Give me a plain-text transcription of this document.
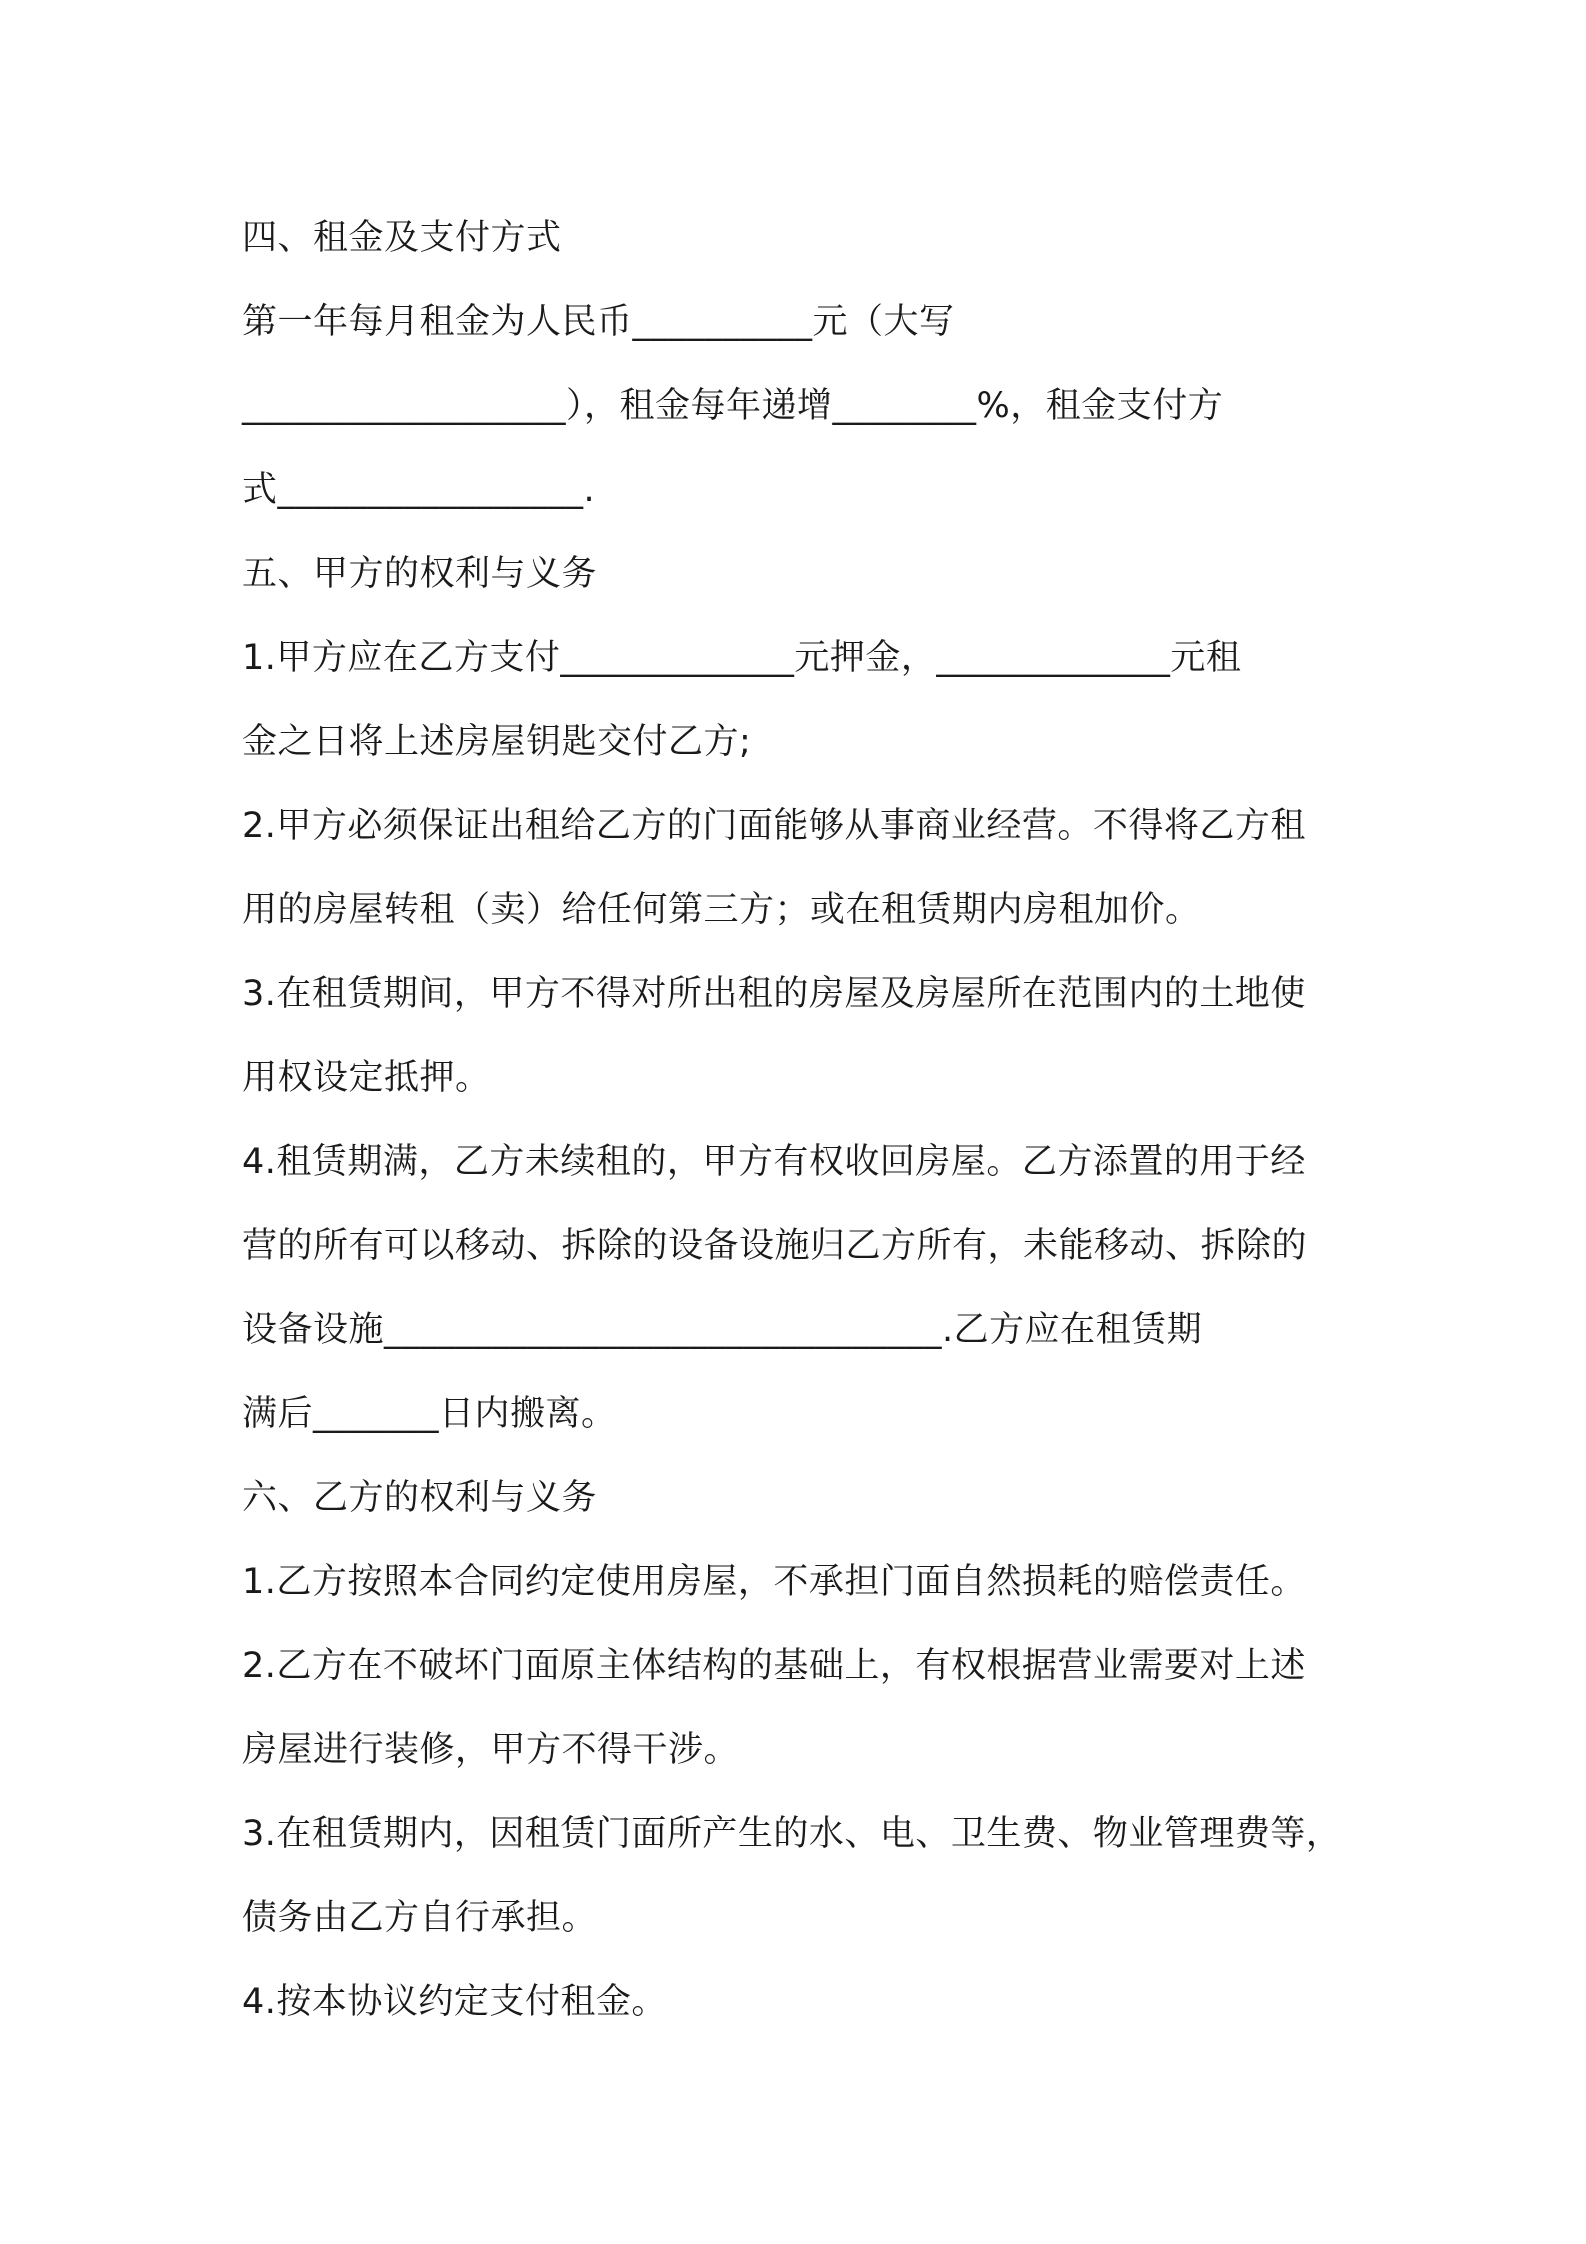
四、租金及支付方式
第一年每月租金为人民币__________元（大写
__________________），租金每年递增________%，租金支付方
式_________________.
五、甲方的权利与义务
1.甲方应在乙方支付_____________元押金，_____________元租
金之日将上述房屋钥匙交付乙方;
2.甲方必须保证出租给乙方的门面能够从事商业经营。不得将乙方租
用的房屋转租（卖）给任何第三方；或在租赁期内房租加价。
3.在租赁期间，甲方不得对所出租的房屋及房屋所在范围内的土地使
用权设定抵押。
4.租赁期满，乙方未续租的，甲方有权收回房屋。乙方添置的用于经
营的所有可以移动、拆除的设备设施归乙方所有，未能移动、拆除的
设备设施_______________________________.乙方应在租赁期
满后_______日内搬离。
六、乙方的权利与义务
1.乙方按照本合同约定使用房屋，不承担门面自然损耗的赔偿责任。
2.乙方在不破坏门面原主体结构的基础上，有权根据营业需要对上述
房屋进行装修，甲方不得干涉。
3.在租赁期内，因租赁门面所产生的水、电、卫生费、物业管理费等，
债务由乙方自行承担。
4.按本协议约定支付租金。
